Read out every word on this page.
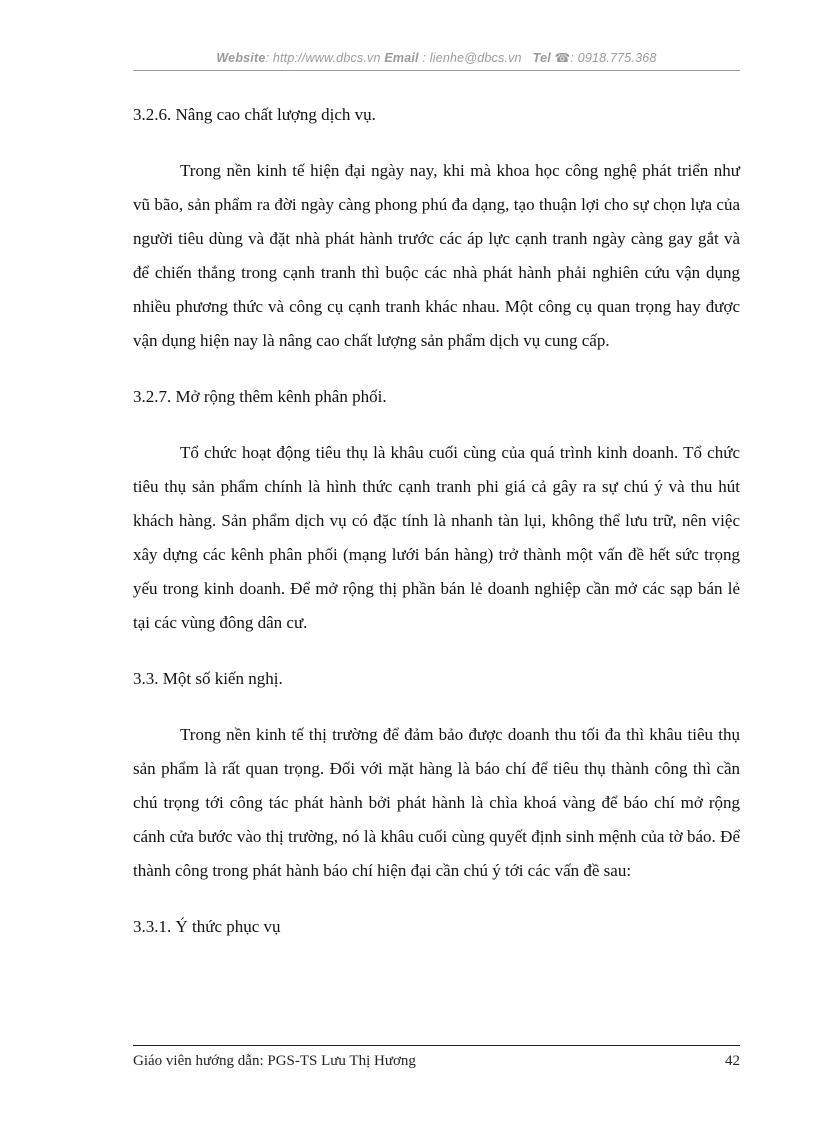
Website: http://www.dbcs.vn Email : lienhe@dbcs.vn Tel ☎: 0918.775.368

3.2.6. Nâng cao chất lượng dịch vụ.

Trong nền kinh tế hiện đại ngày nay, khi mà khoa học công nghệ phát triển như vũ bão, sản phẩm ra đời ngày càng phong phú đa dạng, tạo thuận lợi cho sự chọn lựa của người tiêu dùng và đặt nhà phát hành trước các áp lực cạnh tranh ngày càng gay gắt và để chiến thắng trong cạnh tranh thì buộc các nhà phát hành phải nghiên cứu vận dụng nhiều phương thức và công cụ cạnh tranh khác nhau. Một công cụ quan trọng hay được vận dụng hiện nay là nâng cao chất lượng sản phẩm dịch vụ cung cấp.

3.2.7. Mở rộng thêm kênh phân phối.

Tổ chức hoạt động tiêu thụ là khâu cuối cùng của quá trình kinh doanh. Tổ chức tiêu thụ sản phẩm chính là hình thức cạnh tranh phi giá cả gây ra sự chú ý và thu hút khách hàng. Sản phẩm dịch vụ có đặc tính là nhanh tàn lụi, không thể lưu trữ, nên việc xây dựng các kênh phân phối (mạng lưới bán hàng) trở thành một vấn đề hết sức trọng yếu trong kinh doanh. Để mở rộng thị phần bán lẻ doanh nghiệp cần mở các sạp bán lẻ tại các vùng đông dân cư.

3.3. Một số kiến nghị.

Trong nền kinh tế thị trường để đảm bảo được doanh thu tối đa thì khâu tiêu thụ sản phẩm là rất quan trọng. Đối với mặt hàng là báo chí để tiêu thụ thành công thì cần chú trọng tới công tác phát hành bởi phát hành là chìa khoá vàng để báo chí mở rộng cánh cửa bước vào thị trường, nó là khâu cuối cùng quyết định sinh mệnh của tờ báo. Để thành công trong phát hành báo chí hiện đại cần chú ý tới các vấn đề sau:

3.3.1. Ý thức phục vụ

Giáo viên hướng dẫn: PGS-TS Lưu Thị Hương	42
